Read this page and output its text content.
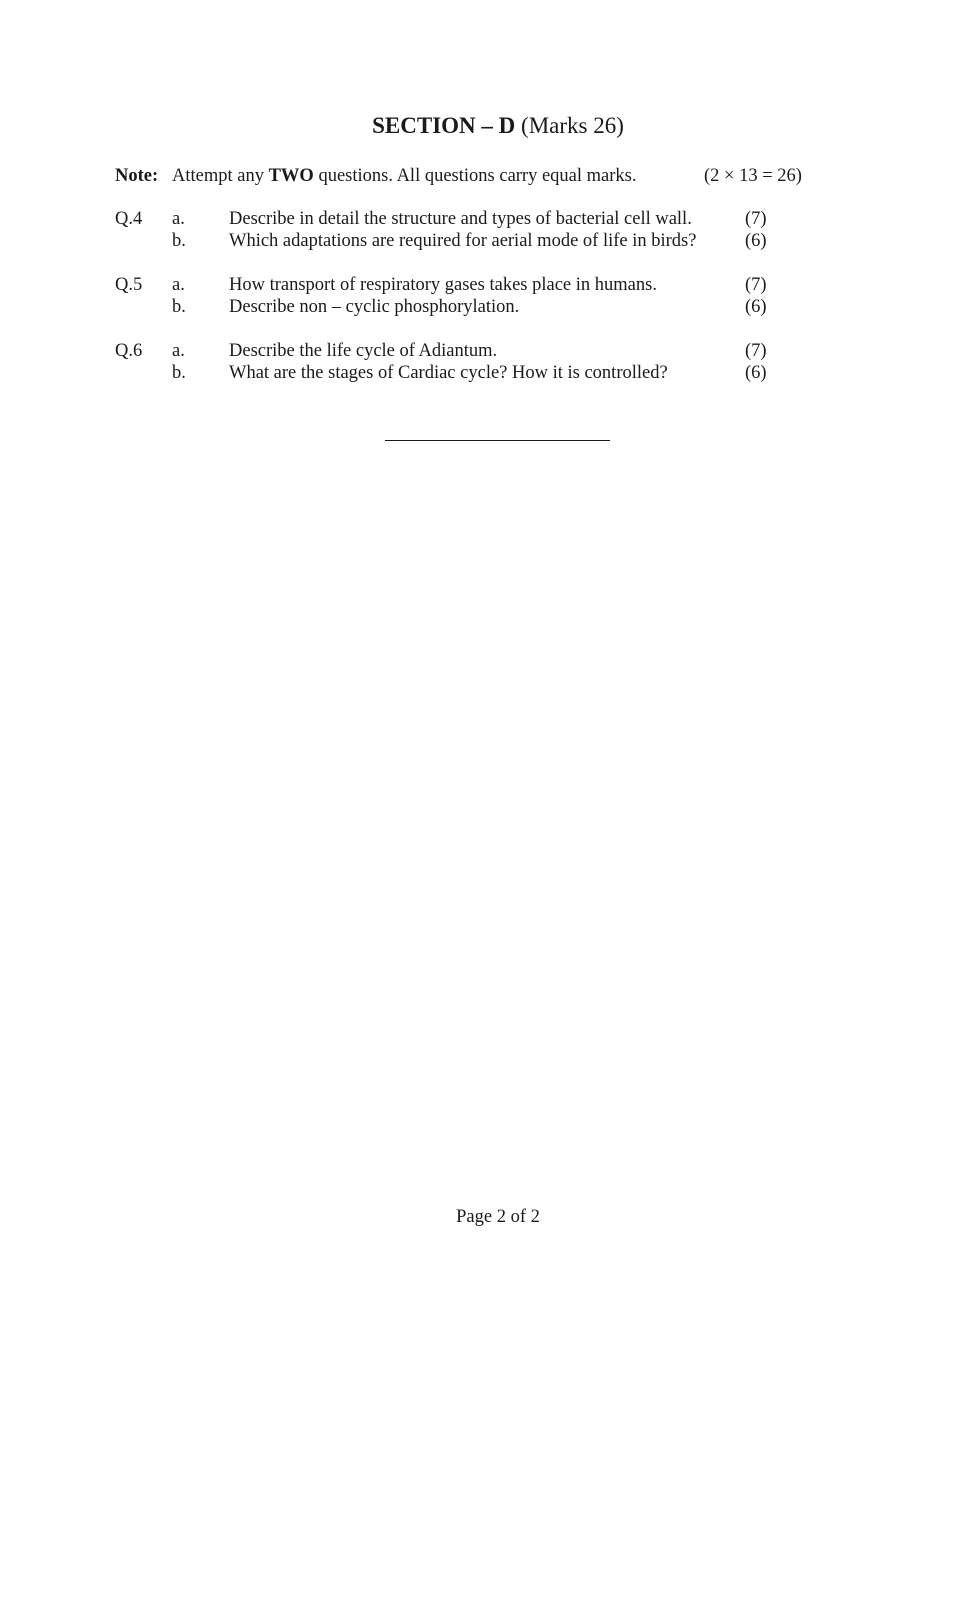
SECTION – D (Marks 26)
Note: Attempt any TWO questions. All questions carry equal marks.	(2 × 13 = 26)
Q.4 a. Describe in detail the structure and types of bacterial cell wall.	(7)
b. Which adaptations are required for aerial mode of life in birds?	(6)
Q.5 a. How transport of respiratory gases takes place in humans.	(7)
b. Describe non – cyclic phosphorylation.	(6)
Q.6 a. Describe the life cycle of Adiantum.	(7)
b. What are the stages of Cardiac cycle? How it is controlled?	(6)
Page 2 of 2
